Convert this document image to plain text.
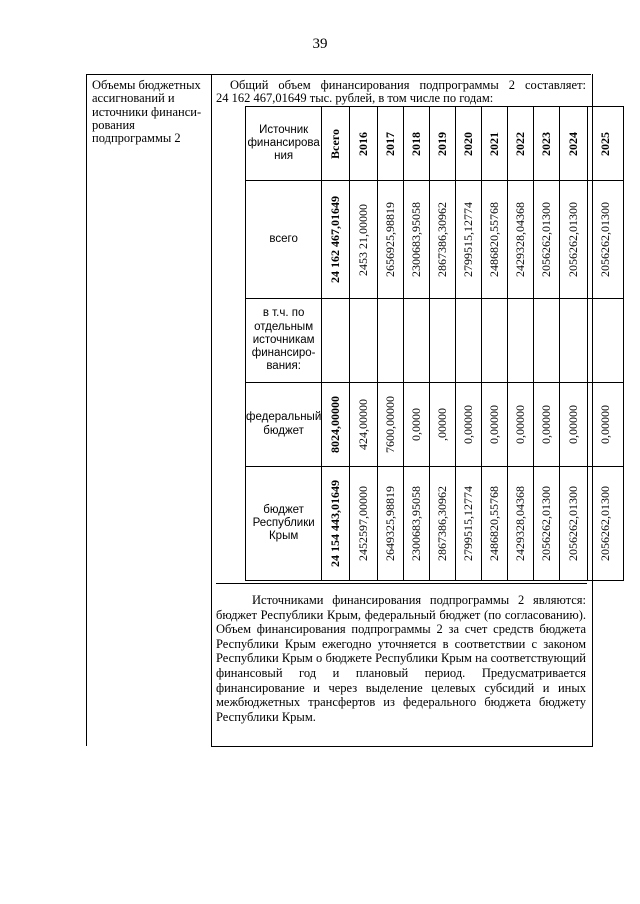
39
Объемы бюджетных ассигнований и источники финанси-рования подпрограммы 2
Общий объем финансирования подпрограммы 2 составляет:
24 162 467,01649 тыс. рублей, в том числе по годам:
Источник финансирова ния	Всего	2016	2017	2018	2019	2020	2021	2022	2023	2024	2025

всего	24 162 467,01649	2453 21,00000	2656925,98819	2300683,95058	2867386,30962	2799515,12774	2486820,55768	2429328,04368	2056262,01300	2056262,01300	2056262,01300

в т.ч. по отдельным источникам финансиро-вания:											
федеральный бюджет	8024,00000	424,00000	7600,00000	0,0000	,00000	0,00000	0,00000	0,00000	0,00000	0,00000	0,00000

бюджет Республики Крым	24 154 443,01649	2452597,00000	2649325,98819	2300683,95058	2867386,30962	2799515,12774	2486820,55768	2429328,04368	2056262,01300	2056262,01300	2056262,01300

Источниками финансирования подпрограммы 2 являются: бюджет Республики Крым, федеральный бюджет (по согласованию). Объем финансирования подпрограммы 2 за счет средств бюджета Республики Крым ежегодно уточняется в соответствии с законом Республики Крым о бюджете Республики Крым на соответствующий финансовый год и плановый период. Предусматривается финансирование и через выделение целевых субсидий и иных межбюджетных трансфертов из федерального бюджета бюджету Республики Крым.
